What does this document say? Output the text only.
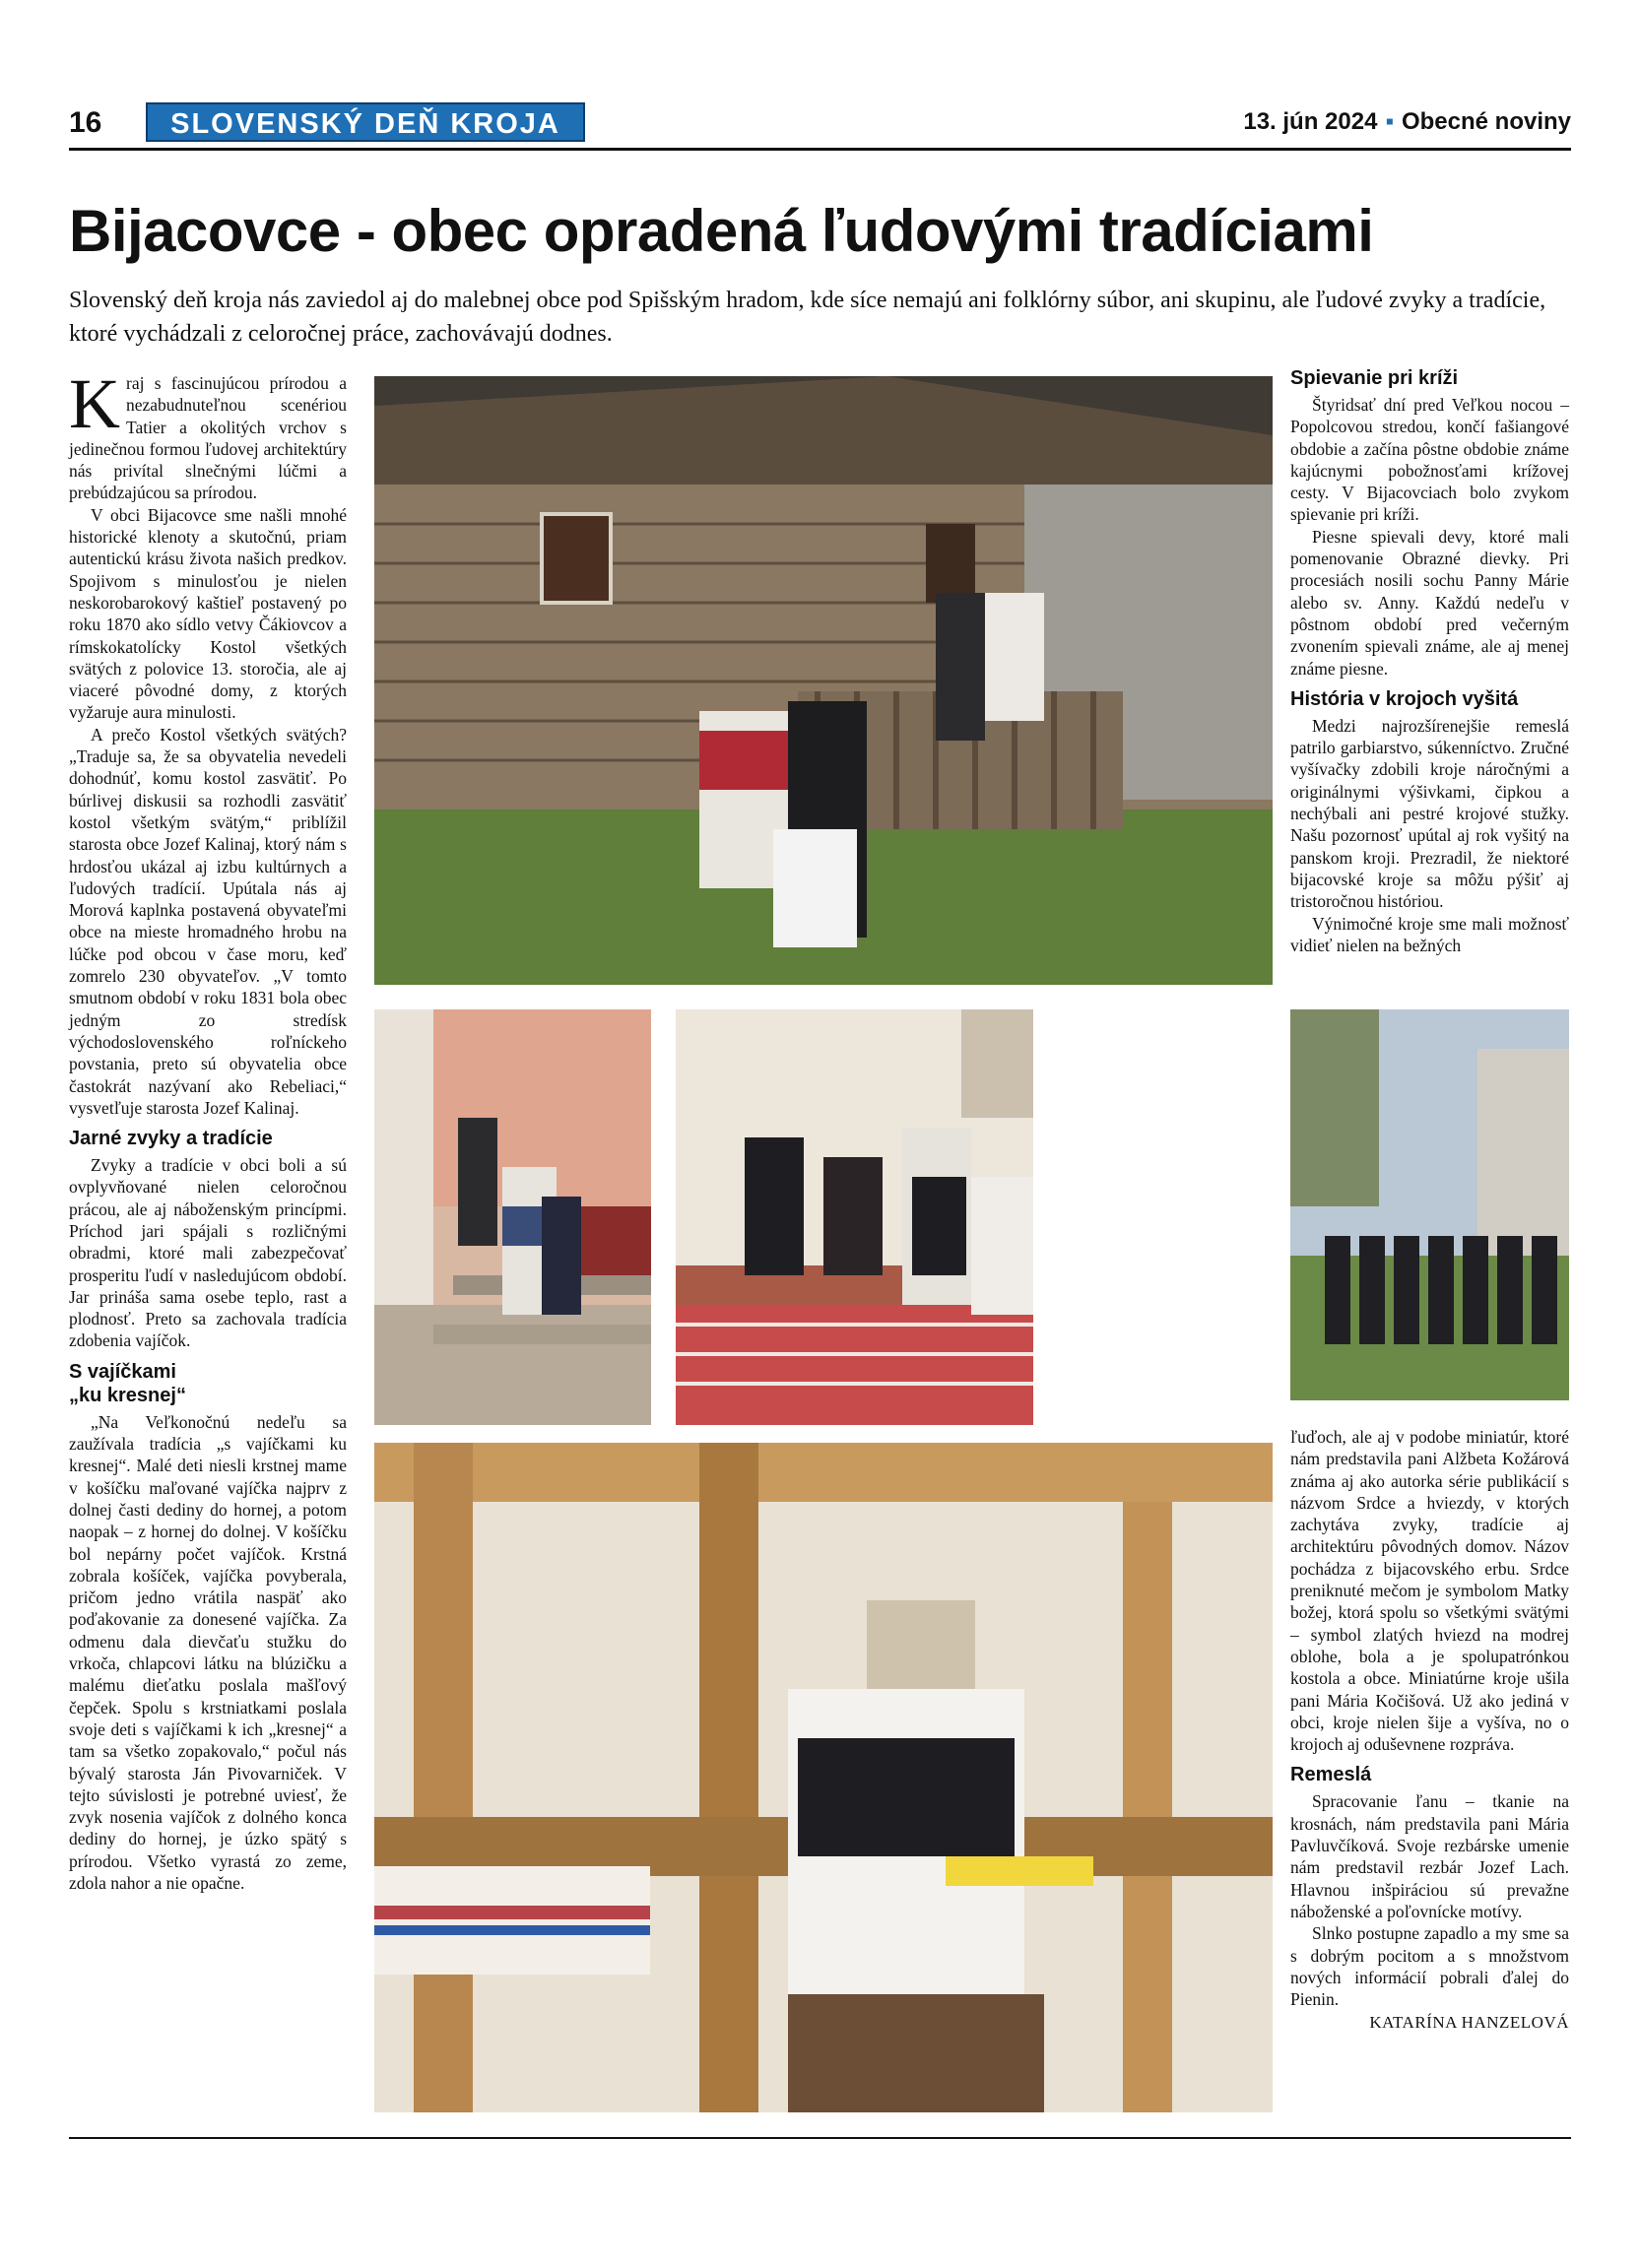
16	SLOVENSKÝ DEŇ KROJA	13. jún 2024 ▪ Obecné noviny
Bijacovce - obec opradená ľudovými tradíciami
Slovenský deň kroja nás zaviedol aj do malebnej obce pod Spišským hradom, kde síce nemajú ani folklórny súbor, ani skupinu, ale ľudové zvyky a tradície, ktoré vychádzali z celoročnej práce, zachovávajú dodnes.

Kraj s fascinujúcou prírodou a nezabudnuteľnou scenériou Tatier a okolitých vrchov s jedinečnou formou ľudovej architektúry nás privítal slnečnými lúčmi a prebúdzajúcou sa prírodou.

V obci Bijacovce sme našli mnohé historické klenoty a skutočnú, priam autentickú krásu života našich predkov. Spojivom s minulosťou je nielen neskorobarokový kaštieľ postavený po roku 1870 ako sídlo vetvy Čákiovcov a rímskokatolícky Kostol všetkých svätých z polovice 13. storočia, ale aj viaceré pôvodné domy, z ktorých vyžaruje aura minulosti.

A prečo Kostol všetkých svätých? „Traduje sa, že sa obyvatelia nevedeli dohodnúť, komu kostol zasvätiť. Po búrlivej diskusii sa rozhodli zasvätiť kostol všetkým svätým,“ priblížil starosta obce Jozef Kalinaj, ktorý nám s hrdosťou ukázal aj izbu kultúrnych a ľudových tradícií. Upútala nás aj Morová kaplnka postavená obyvateľmi obce na mieste hromadného hrobu na lúčke pod obcou v čase moru, keď zomrelo 230 obyvateľov. „V tomto smutnom období v roku 1831 bola obec jedným zo stredísk východoslovenského roľníckeho povstania, preto sú obyvatelia obce častokrát nazývaní ako Rebeliaci,“ vysvetľuje starosta Jozef Kalinaj.

Jarné zvyky a tradície

Zvyky a tradície v obci boli a sú ovplyvňované nielen celoročnou prácou, ale aj náboženským princípmi. Príchod jari spájali s rozličnými obradmi, ktoré mali zabezpečovať prosperitu ľudí v nasledujúcom období. Jar prináša sama osebe teplo, rast a plodnosť. Preto sa zachovala tradícia zdobenia vajíčok.

S vajíčkami
„ku kresnej“

„Na Veľkonočnú nedeľu sa zaužívala tradícia „s vajíčkami ku kresnej“. Malé deti niesli krstnej mame v košíčku maľované vajíčka najprv z dolnej časti dediny do hornej, a potom naopak – z hornej do dolnej. V košíčku bol nepárny počet vajíčok. Krstná zobrala košíček, vajíčka povyberala, pričom jedno vrátila naspäť ako poďakovanie za donesené vajíčka. Za odmenu dala dievčaťu stužku do vrkoča, chlapcovi látku na blúzičku a malému dieťatku poslala mašľový čepček. Spolu s krstniatkami poslala svoje deti s vajíčkami k ich „kresnej“ a tam sa všetko zopakovalo,“ počul nás bývalý starosta Ján Pivovarniček. V tejto súvislosti je potrebné uviesť, že zvyk nosenia vajíčok z dolného konca dediny do hornej, je úzko spätý s prírodou. Všetko vyrastá zo zeme, zdola nahor a nie opačne.

Spievanie pri kríži

Štyridsať dní pred Veľkou nocou – Popolcovou stredou, končí fašiangové obdobie a začína pôstne obdobie známe kajúcnymi pobožnosťami krížovej cesty. V Bijacovciach bolo zvykom spievanie pri kríži.

Piesne spievali devy, ktoré mali pomenovanie Obrazné dievky. Pri procesiách nosili sochu Panny Márie alebo sv. Anny. Každú nedeľu v pôstnom období pred večerným zvonením spievali známe, ale aj menej známe piesne.

História v krojoch vyšitá

Medzi najrozšírenejšie remeslá patrilo garbiarstvo, súkenníctvo. Zručné vyšívačky zdobili kroje náročnými a originálnymi výšivkami, čipkou a nechýbali ani pestré krojové stužky. Našu pozornosť upútal aj rok vyšitý na panskom kroji. Prezradil, že niektoré bijacovské kroje sa môžu pýšiť aj tristoročnou históriou.

Výnimočné kroje sme mali možnosť vidieť nielen na bežných

ľuďoch, ale aj v podobe miniatúr, ktoré nám predstavila pani Alžbeta Kožárová známa aj ako autorka série publikácií s názvom Srdce a hviezdy, v ktorých zachytáva zvyky, tradície aj architektúru pôvodných domov. Názov pochádza z bijacovského erbu. Srdce preniknuté mečom je symbolom Matky božej, ktorá spolu so všetkými svätými – symbol zlatých hviezd na modrej oblohe, bola a je spolupatrónkou kostola a obce. Miniatúrne kroje ušila pani Mária Kočišová. Už ako jediná v obci, kroje nielen šije a vyšíva, no o krojoch aj oduševnene rozpráva.

Remeslá

Spracovanie ľanu – tkanie na krosnách, nám predstavila pani Mária Pavluvčíková. Svoje rezbárske umenie nám predstavil rezbár Jozef Lach. Hlavnou inšpiráciou sú prevažne náboženské a poľovnícke motívy.

Slnko postupne zapadlo a my sme sa s dobrým pocitom a s množstvom nových informácií pobrali ďalej do Pienin.

KATARÍNA HANZELOVÁ
